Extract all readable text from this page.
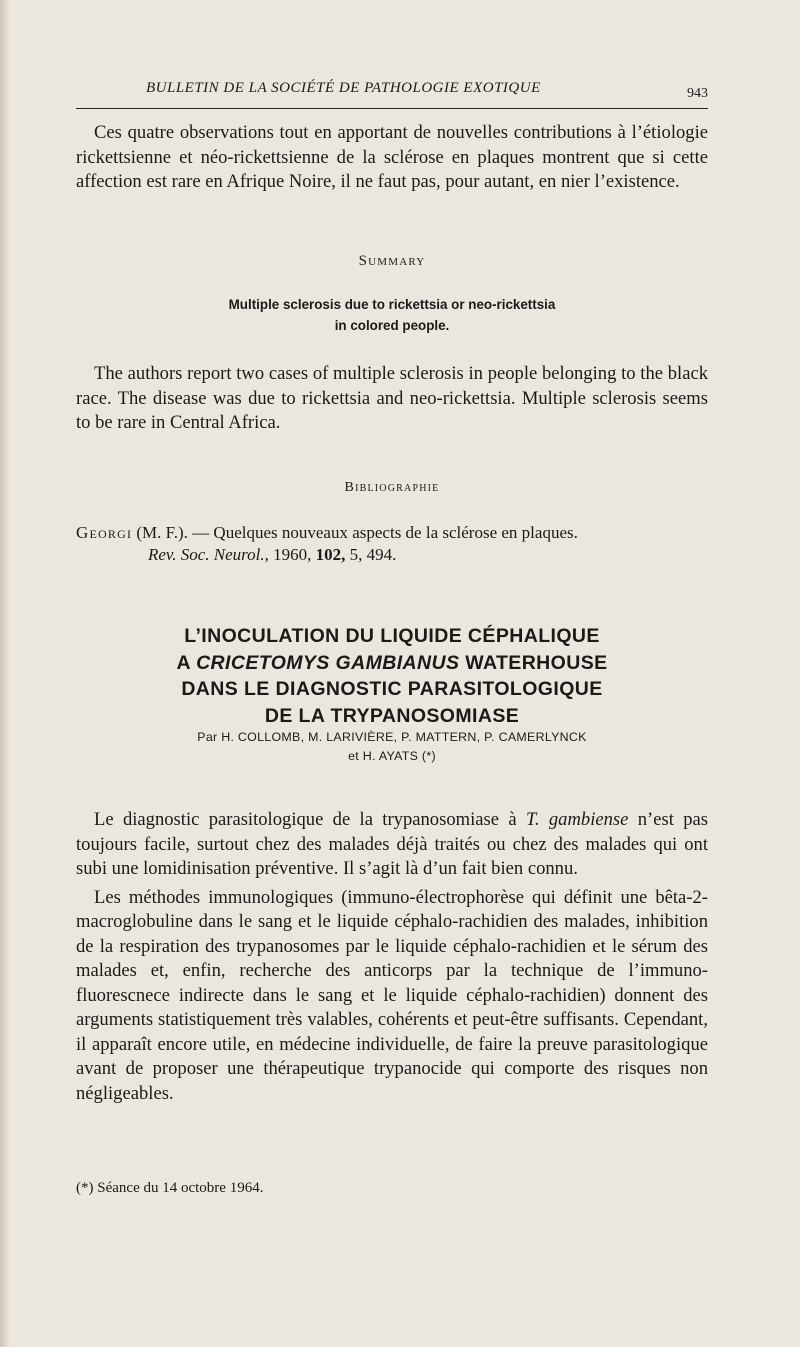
BULLETIN DE LA SOCIÉTÉ DE PATHOLOGIE EXOTIQUE	943

Ces quatre observations tout en apportant de nouvelles contributions à l’étiologie rickettsienne et néo-rickettsienne de la sclérose en plaques montrent que si cette affection est rare en Afrique Noire, il ne faut pas, pour autant, en nier l’existence.

Summary
Multiple sclerosis due to rickettsia or neo-rickettsia
in colored people.

The authors report two cases of multiple sclerosis in people belonging to the black race. The disease was due to rickettsia and neo-rickettsia. Multiple sclerosis seems to be rare in Central Africa.

Bibliographie
Georgi (M. F.). — Quelques nouveaux aspects de la sclérose en plaques.
Rev. Soc. Neurol., 1960, 102, 5, 494.
L’INOCULATION DU LIQUIDE CÉPHALIQUE
A CRICETOMYS GAMBIANUS WATERHOUSE
DANS LE DIAGNOSTIC PARASITOLOGIQUE
DE LA TRYPANOSOMIASE
Par H. COLLOMB, M. LARIVIÈRE, P. MATTERN, P. CAMERLYNCK
et H. AYATS (*)

Le diagnostic parasitologique de la trypanosomiase à T. gambiense n’est pas toujours facile, surtout chez des malades déjà traités ou chez des malades qui ont subi une lomidinisation préventive. Il s’agit là d’un fait bien connu.

Les méthodes immunologiques (immuno-électrophorèse qui définit une bêta-2-macroglobuline dans le sang et le liquide céphalo-rachidien des malades, inhibition de la respiration des trypanosomes par le liquide céphalo-rachidien et le sérum des malades et, enfin, recherche des anticorps par la technique de l’immuno-fluorescnece indirecte dans le sang et le liquide céphalo-rachidien) donnent des arguments statistiquement très valables, cohérents et peut-être suffisants. Cependant, il apparaît encore utile, en médecine individuelle, de faire la preuve parasitologique avant de proposer une thérapeutique trypanocide qui comporte des risques non négligeables.

(*) Séance du 14 octobre 1964.
